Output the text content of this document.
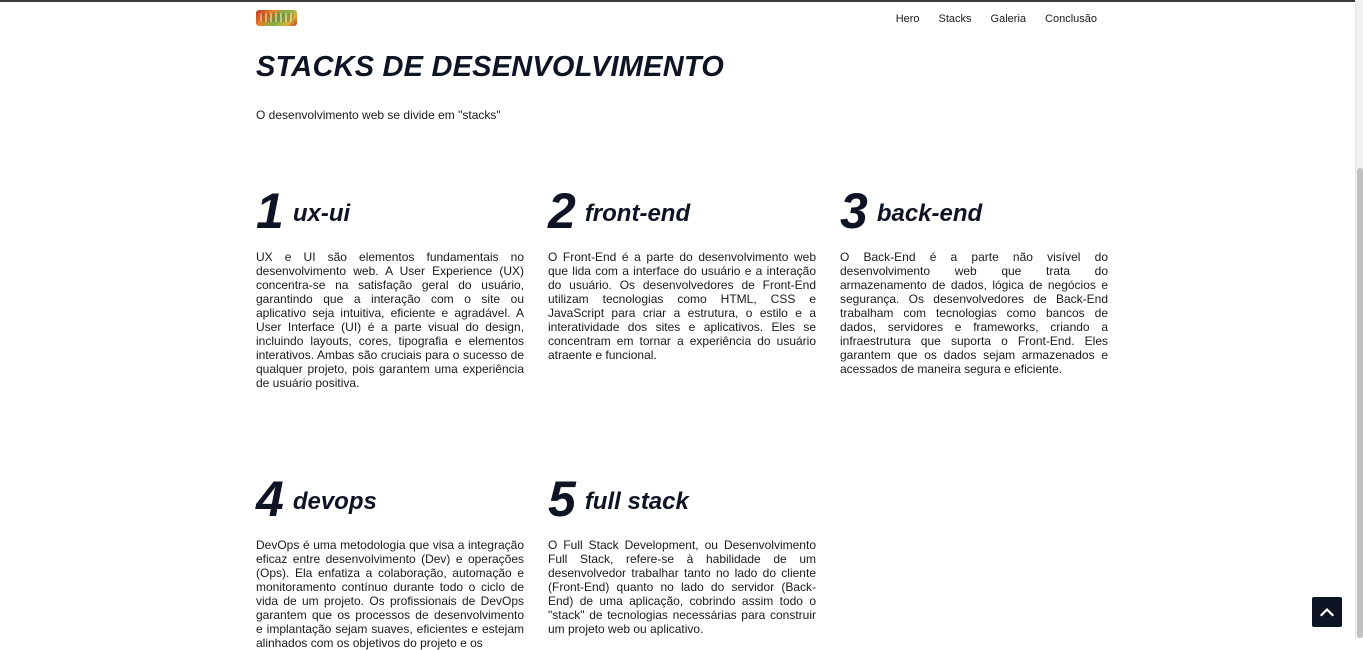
Hero Stacks Galeria Conclusão
STACKS DE DESENVOLVIMENTO

O desenvolvimento web se divide em "stacks"

1 ux-ui

UX e UI são elementos fundamentais no desenvolvimento web. A User Experience (UX) concentra-se na satisfação geral do usuário, garantindo que a interação com o site ou aplicativo seja intuitiva, eficiente e agradável. A User Interface (UI) é a parte visual do design, incluindo layouts, cores, tipografia e elementos interativos. Ambas são cruciais para o sucesso de qualquer projeto, pois garantem uma experiência de usuário positiva.

2 front-end

O Front-End é a parte do desenvolvimento web que lida com a interface do usuário e a interação do usuário. Os desenvolvedores de Front-End utilizam tecnologias como HTML, CSS e JavaScript para criar a estrutura, o estilo e a interatividade dos sites e aplicativos. Eles se concentram em tornar a experiência do usuário atraente e funcional.

3 back-end

O Back-End é a parte não visível do desenvolvimento web que trata do armazenamento de dados, lógica de negócios e segurança. Os desenvolvedores de Back-End trabalham com tecnologias como bancos de dados, servidores e frameworks, criando a infraestrutura que suporta o Front-End. Eles garantem que os dados sejam armazenados e acessados de maneira segura e eficiente.

4 devops

DevOps é uma metodologia que visa a integração eficaz entre desenvolvimento (Dev) e operações (Ops). Ela enfatiza a colaboração, automação e monitoramento contínuo durante todo o ciclo de vida de um projeto. Os profissionais de DevOps garantem que os processos de desenvolvimento e implantação sejam suaves, eficientes e estejam alinhados com os objetivos do projeto e os

5 full stack

O Full Stack Development, ou Desenvolvimento Full Stack, refere-se à habilidade de um desenvolvedor trabalhar tanto no lado do cliente (Front-End) quanto no lado do servidor (Back-End) de uma aplicação, cobrindo assim todo o "stack" de tecnologias necessárias para construir um projeto web ou aplicativo.
